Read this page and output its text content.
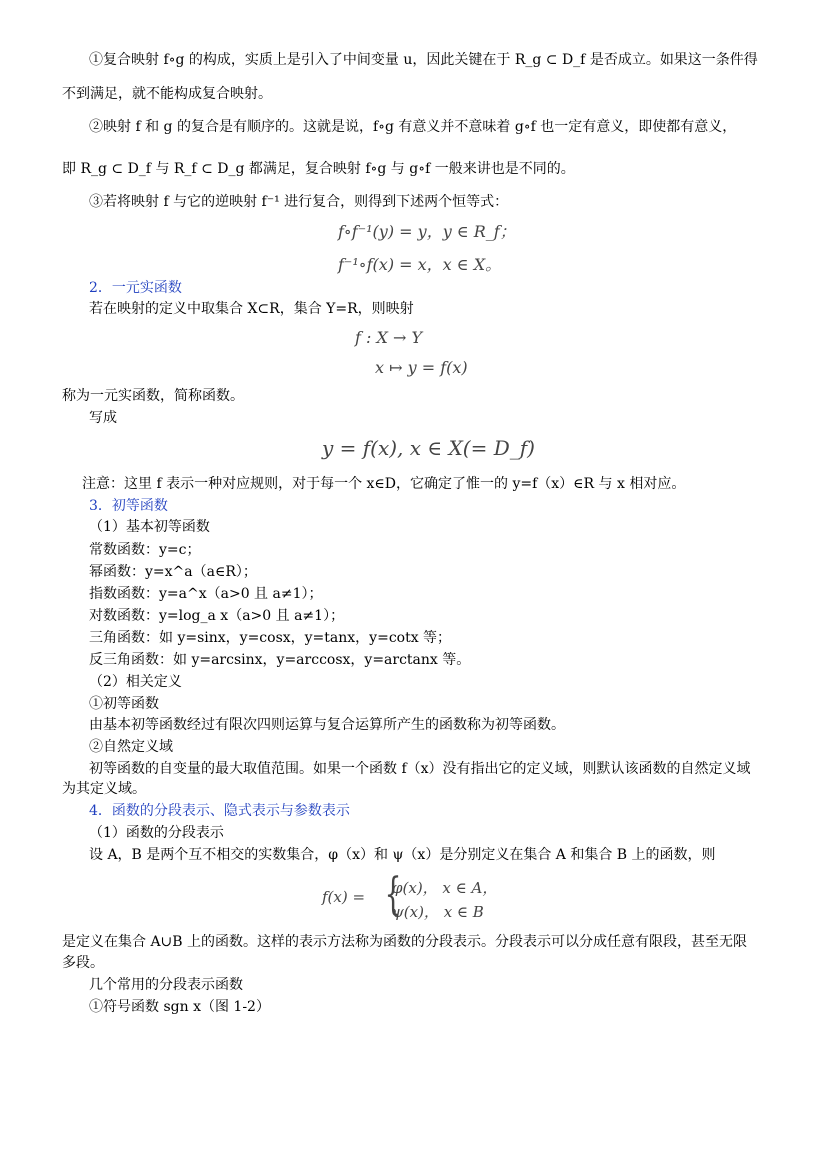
①复合映射 f∘g 的构成，实质上是引入了中间变量 u，因此关键在于 R_g ⊂ D_f 是否成立。如果这一条件得
不到满足，就不能构成复合映射。
②映射 f 和 g 的复合是有顺序的。这就是说，f∘g 有意义并不意味着 g∘f 也一定有意义，即使都有意义，
即 R_g ⊂ D_f 与 R_f ⊂ D_g 都满足，复合映射 f∘g 与 g∘f 一般来讲也是不同的。
③若将映射 f 与它的逆映射 f⁻¹ 进行复合，则得到下述两个恒等式：
f∘f⁻¹(y) = y，y ∈ R_f；
f⁻¹∘f(x) = x，x ∈ X。
2．一元实函数
若在映射的定义中取集合 X⊂R，集合 Y=R，则映射
f : X → Y
x ↦ y = f(x)
称为一元实函数，简称函数。
写成
y = f(x), x ∈ X(= D_f)
注意：这里 f 表示一种对应规则，对于每一个 x∈D，它确定了惟一的 y=f（x）∈R 与 x 相对应。
3．初等函数
（1）基本初等函数
常数函数：y=c；
幂函数：y=x^a（a∈R）；
指数函数：y=a^x（a>0 且 a≠1）；
对数函数：y=log_a x（a>0 且 a≠1）；
三角函数：如 y=sinx，y=cosx，y=tanx，y=cotx 等；
反三角函数：如 y=arcsinx，y=arccosx，y=arctanx 等。
（2）相关定义
①初等函数
由基本初等函数经过有限次四则运算与复合运算所产生的函数称为初等函数。
②自然定义域
初等函数的自变量的最大取值范围。如果一个函数 f（x）没有指出它的定义域，则默认该函数的自然定义域
为其定义域。
4．函数的分段表示、隐式表示与参数表示
（1）函数的分段表示
设 A，B 是两个互不相交的实数集合，φ（x）和 ψ（x）是分别定义在集合 A 和集合 B 上的函数，则
f(x) = {
φ(x)， x ∈ A，
ψ(x)， x ∈ B
是定义在集合 A∪B 上的函数。这样的表示方法称为函数的分段表示。分段表示可以分成任意有限段，甚至无限
多段。
几个常用的分段表示函数
①符号函数 sgn x（图 1-2）
